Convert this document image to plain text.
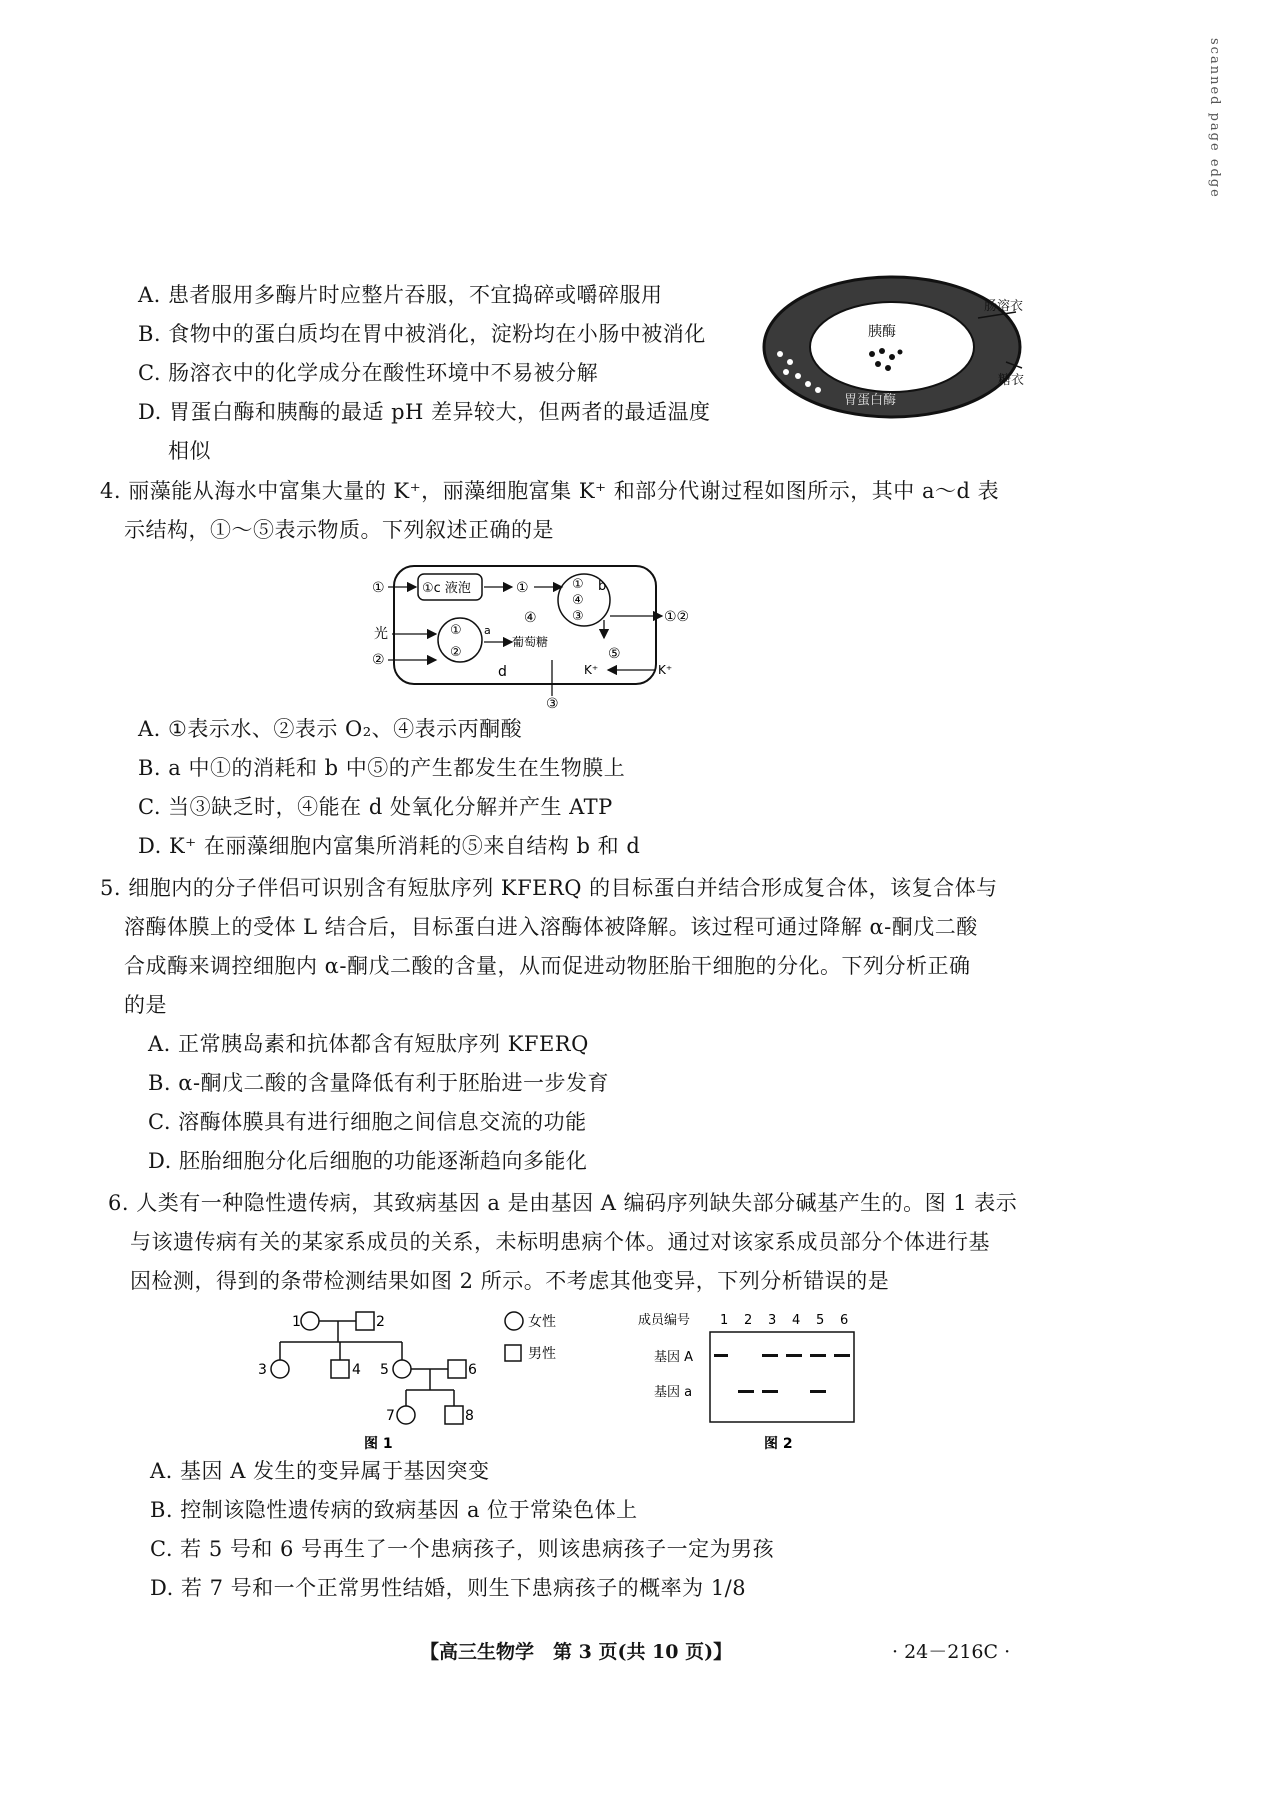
scanned page edge
A. 患者服用多酶片时应整片吞服，不宜捣碎或嚼碎服用
B. 食物中的蛋白质均在胃中被消化，淀粉均在小肠中被消化
C. 肠溶衣中的化学成分在酸性环境中不易被分解
D. 胃蛋白酶和胰酶的最适 pH 差异较大，但两者的最适温度
相似
胰酶
胃蛋白酶
肠溶衣
糖衣
4. 丽藻能从海水中富集大量的 K⁺，丽藻细胞富集 K⁺ 和部分代谢过程如图所示，其中 a～d 表
示结构，①～⑤表示物质。下列叙述正确的是
①c 液泡
①	①	①
④
③
b
④	①②
①
②
a
光
②
葡萄糖
d
⑤
K⁺	K⁺
③
A. ①表示水、②表示 O₂、④表示丙酮酸
B. a 中①的消耗和 b 中⑤的产生都发生在生物膜上
C. 当③缺乏时，④能在 d 处氧化分解并产生 ATP
D. K⁺ 在丽藻细胞内富集所消耗的⑤来自结构 b 和 d
5. 细胞内的分子伴侣可识别含有短肽序列 KFERQ 的目标蛋白并结合形成复合体，该复合体与
溶酶体膜上的受体 L 结合后，目标蛋白进入溶酶体被降解。该过程可通过降解 α-酮戊二酸
合成酶来调控细胞内 α-酮戊二酸的含量，从而促进动物胚胎干细胞的分化。下列分析正确
的是
A. 正常胰岛素和抗体都含有短肽序列 KFERQ
B. α-酮戊二酸的含量降低有利于胚胎进一步发育
C. 溶酶体膜具有进行细胞之间信息交流的功能
D. 胚胎细胞分化后细胞的功能逐渐趋向多能化
6. 人类有一种隐性遗传病，其致病基因 a 是由基因 A 编码序列缺失部分碱基产生的。图 1 表示
与该遗传病有关的某家系成员的关系，未标明患病个体。通过对该家系成员部分个体进行基
因检测，得到的条带检测结果如图 2 所示。不考虑其他变异，下列分析错误的是
1	2
3	4 5	6
7	8
女性
男性
图 1
成员编号 1 2 3 4 5 6
基因 A
基因 a
图 2
A. 基因 A 发生的变异属于基因突变
B. 控制该隐性遗传病的致病基因 a 位于常染色体上
C. 若 5 号和 6 号再生了一个患病孩子，则该患病孩子一定为男孩
D. 若 7 号和一个正常男性结婚，则生下患病孩子的概率为 1/8
【高三生物学　第 3 页(共 10 页)】	· 24－216C ·
